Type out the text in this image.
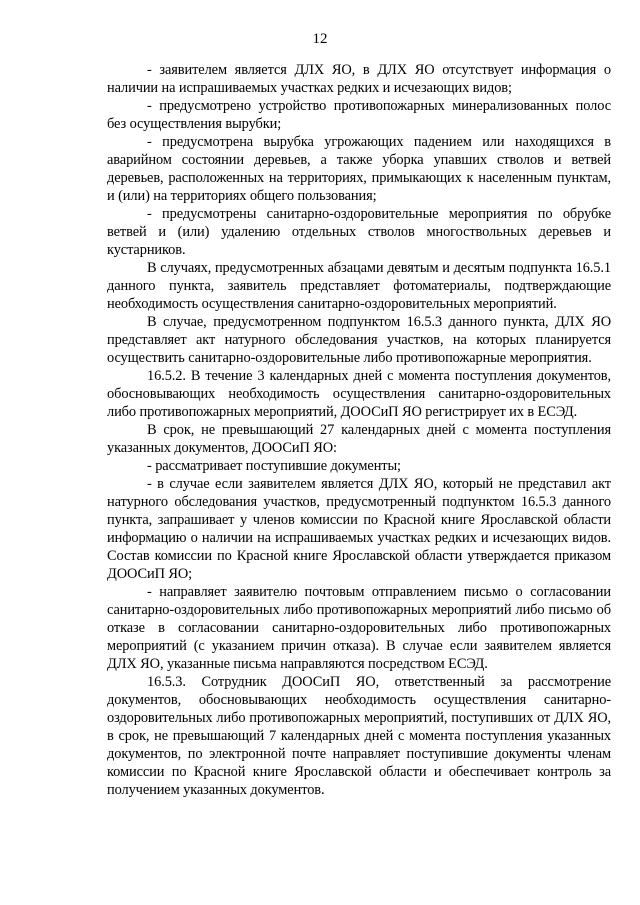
12

- заявителем является ДЛХ ЯО, в ДЛХ ЯО отсутствует информация о наличии на испрашиваемых участках редких и исчезающих видов;

- предусмотрено устройство противопожарных минерализованных полос без осуществления вырубки;

- предусмотрена вырубка угрожающих падением или находящихся в аварийном состоянии деревьев, а также уборка упавших стволов и ветвей деревьев, расположенных на территориях, примыкающих к населенным пунктам, и (или) на территориях общего пользования;

- предусмотрены санитарно-оздоровительные мероприятия по обрубке ветвей и (или) удалению отдельных стволов многоствольных деревьев и кустарников.

В случаях, предусмотренных абзацами девятым и десятым подпункта 16.5.1 данного пункта, заявитель представляет фотоматериалы, подтверждающие необходимость осуществления санитарно-оздоровительных мероприятий.

В случае, предусмотренном подпунктом 16.5.3 данного пункта, ДЛХ ЯО представляет акт натурного обследования участков, на которых планируется осуществить санитарно-оздоровительные либо противопожарные мероприятия.

16.5.2. В течение 3 календарных дней с момента поступления документов, обосновывающих необходимость осуществления санитарно-оздоровительных либо противопожарных мероприятий, ДООСиП ЯО регистрирует их в ЕСЭД.

В срок, не превышающий 27 календарных дней с момента поступления указанных документов, ДООСиП ЯО:

- рассматривает поступившие документы;

- в случае если заявителем является ДЛХ ЯО, который не представил акт натурного обследования участков, предусмотренный подпунктом 16.5.3 данного пункта, запрашивает у членов комиссии по Красной книге Ярославской области информацию о наличии на испрашиваемых участках редких и исчезающих видов. Состав комиссии по Красной книге Ярославской области утверждается приказом ДООСиП ЯО;

- направляет заявителю почтовым отправлением письмо о согласовании санитарно-оздоровительных либо противопожарных мероприятий либо письмо об отказе в согласовании санитарно-оздоровительных либо противопожарных мероприятий (с указанием причин отказа). В случае если заявителем является ДЛХ ЯО, указанные письма направляются посредством ЕСЭД.

16.5.3. Сотрудник ДООСиП ЯО, ответственный за рассмотрение документов, обосновывающих необходимость осуществления санитарно-оздоровительных либо противопожарных мероприятий, поступивших от ДЛХ ЯО, в срок, не превышающий 7 календарных дней с момента поступления указанных документов, по электронной почте направляет поступившие документы членам комиссии по Красной книге Ярославской области и обеспечивает контроль за получением указанных документов.
